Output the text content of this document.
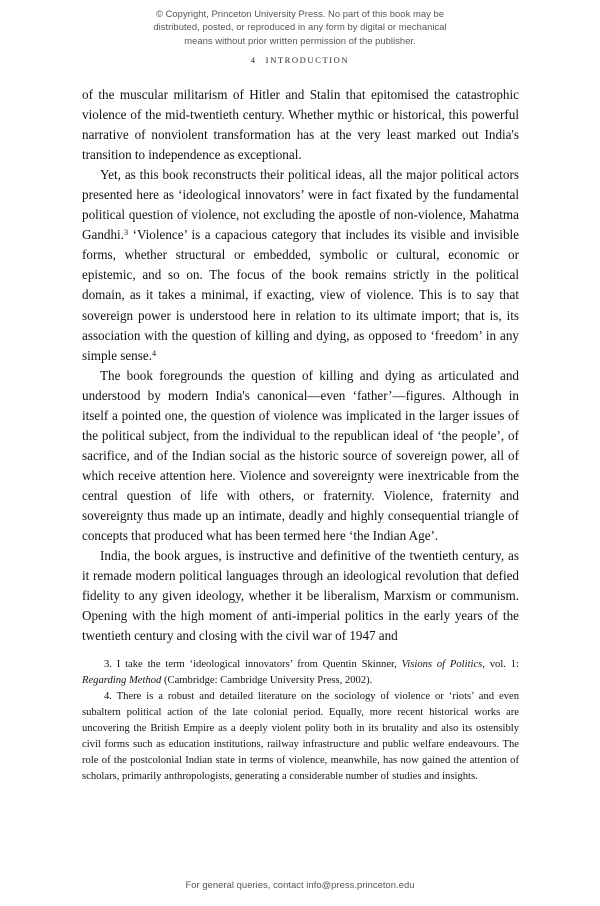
© Copyright, Princeton University Press. No part of this book may be
distributed, posted, or reproduced in any form by digital or mechanical
means without prior written permission of the publisher.
4 INTRODUCTION

of the muscular militarism of Hitler and Stalin that epitomised the catastrophic violence of the mid-twentieth century. Whether mythic or historical, this powerful narrative of nonviolent transformation has at the very least marked out India's transition to independence as exceptional.

Yet, as this book reconstructs their political ideas, all the major political actors presented here as ‘ideological innovators’ were in fact fixated by the fundamental political question of violence, not excluding the apostle of non-violence, Mahatma Gandhi.$^3$ ‘Violence’ is a capacious category that includes its visible and invisible forms, whether structural or embedded, symbolic or cultural, economic or epistemic, and so on. The focus of the book remains strictly in the political domain, as it takes a minimal, if exacting, view of violence. This is to say that sovereign power is understood here in relation to its ultimate import; that is, its association with the question of killing and dying, as opposed to ‘freedom’ in any simple sense.$^4$

The book foregrounds the question of killing and dying as articulated and understood by modern India's canonical—even ‘father’—figures. Although in itself a pointed one, the question of violence was implicated in the larger issues of the political subject, from the individual to the republican ideal of ‘the people’, of sacrifice, and of the Indian social as the historic source of sovereign power, all of which receive attention here. Violence and sovereignty were inextricable from the central question of life with others, or fraternity. Violence, fraternity and sovereignty thus made up an intimate, deadly and highly consequential triangle of concepts that produced what has been termed here ‘the Indian Age’.

India, the book argues, is instructive and definitive of the twentieth century, as it remade modern political languages through an ideological revolution that defied fidelity to any given ideology, whether it be liberalism, Marxism or communism. Opening with the high moment of anti-imperial politics in the early years of the twentieth century and closing with the civil war of 1947 and

3. I take the term ‘ideological innovators’ from Quentin Skinner, Visions of Politics, vol. 1: Regarding Method (Cambridge: Cambridge University Press, 2002).

4. There is a robust and detailed literature on the sociology of violence or ‘riots’ and even subaltern political action of the late colonial period. Equally, more recent historical works are uncovering the British Empire as a deeply violent polity both in its brutality and also its ostensibly civil forms such as education institutions, railway infrastructure and public welfare endeavours. The role of the postcolonial Indian state in terms of violence, meanwhile, has now gained the attention of scholars, primarily anthropologists, generating a considerable number of studies and insights.

For general queries, contact info@press.princeton.edu
